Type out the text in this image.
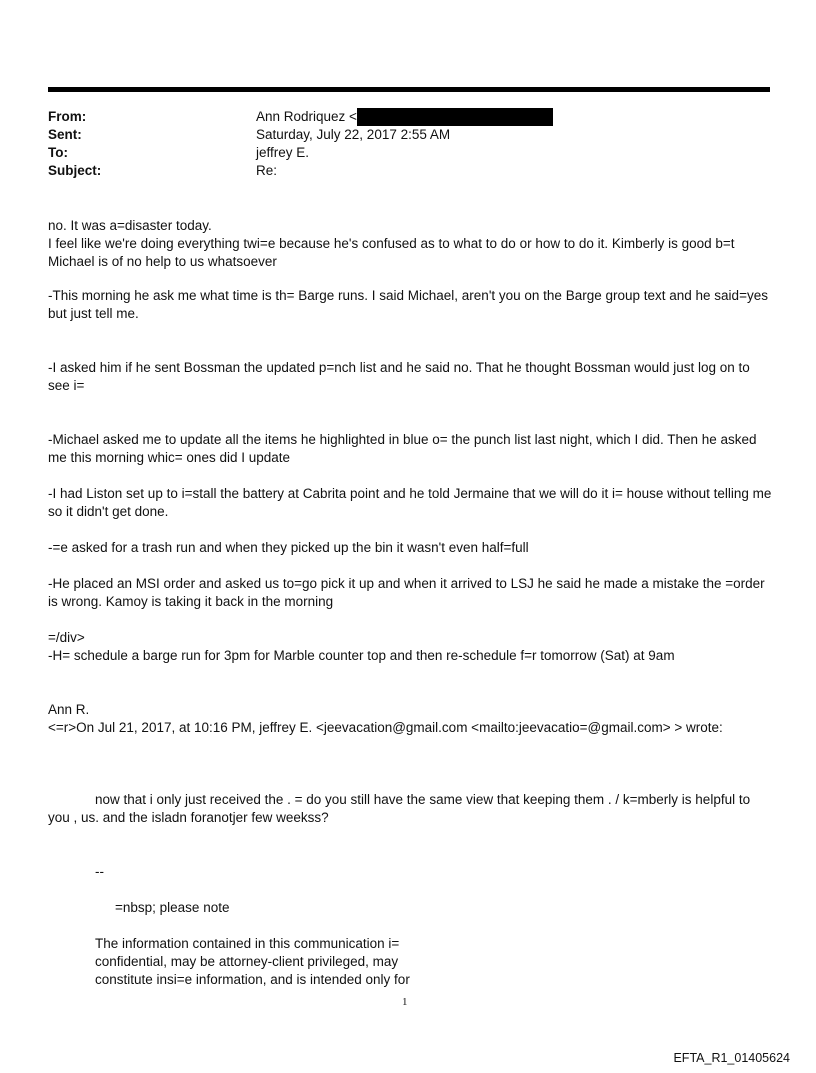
From:	Ann Rodriquez <
Sent:	Saturday, July 22, 2017 2:55 AM
To:	jeffrey E.
Subject:	Re:
no. It was a=disaster today.
I feel like we're doing everything twi=e because he's confused as to what to do or how to do it. Kimberly is good b=t Michael is of no help to us whatsoever
-This morning he ask me what time is th= Barge runs. I said Michael, aren't you on the Barge group text and he said=yes but just tell me.
-I asked him if he sent Bossman the updated p=nch list and he said no. That he thought Bossman would just log on to see i=
-Michael asked me to update all the items he highlighted in blue o= the punch list last night, which I did. Then he asked me this morning whic= ones did I update
-I had Liston set up to i=stall the battery at Cabrita point and he told Jermaine that we will do it i= house without telling me so it didn't get done.
-=e asked for a trash run and when they picked up the bin it wasn't even half=full
-He placed an MSI order and asked us to=go pick it up and when it arrived to LSJ he said he made a mistake the =order is wrong. Kamoy is taking it back in the morning
=/div>
-H= schedule a barge run for 3pm for Marble counter top and then re-schedule f=r tomorrow (Sat) at 9am
Ann R.
<=r>On Jul 21, 2017, at 10:16 PM, jeffrey E. <jeevacation@gmail.com <mailto:jeevacatio=@gmail.com> > wrote:
now that i only just received the . = do you still have the same view that keeping them . / k=mberly is helpful to you , us. and the isladn foranotjer few weekss?
--
=nbsp; please note
The information contained in this communication i=
confidential, may be attorney-client privileged, may
constitute insi=e information, and is intended only for
1
EFTA_R1_01405624
